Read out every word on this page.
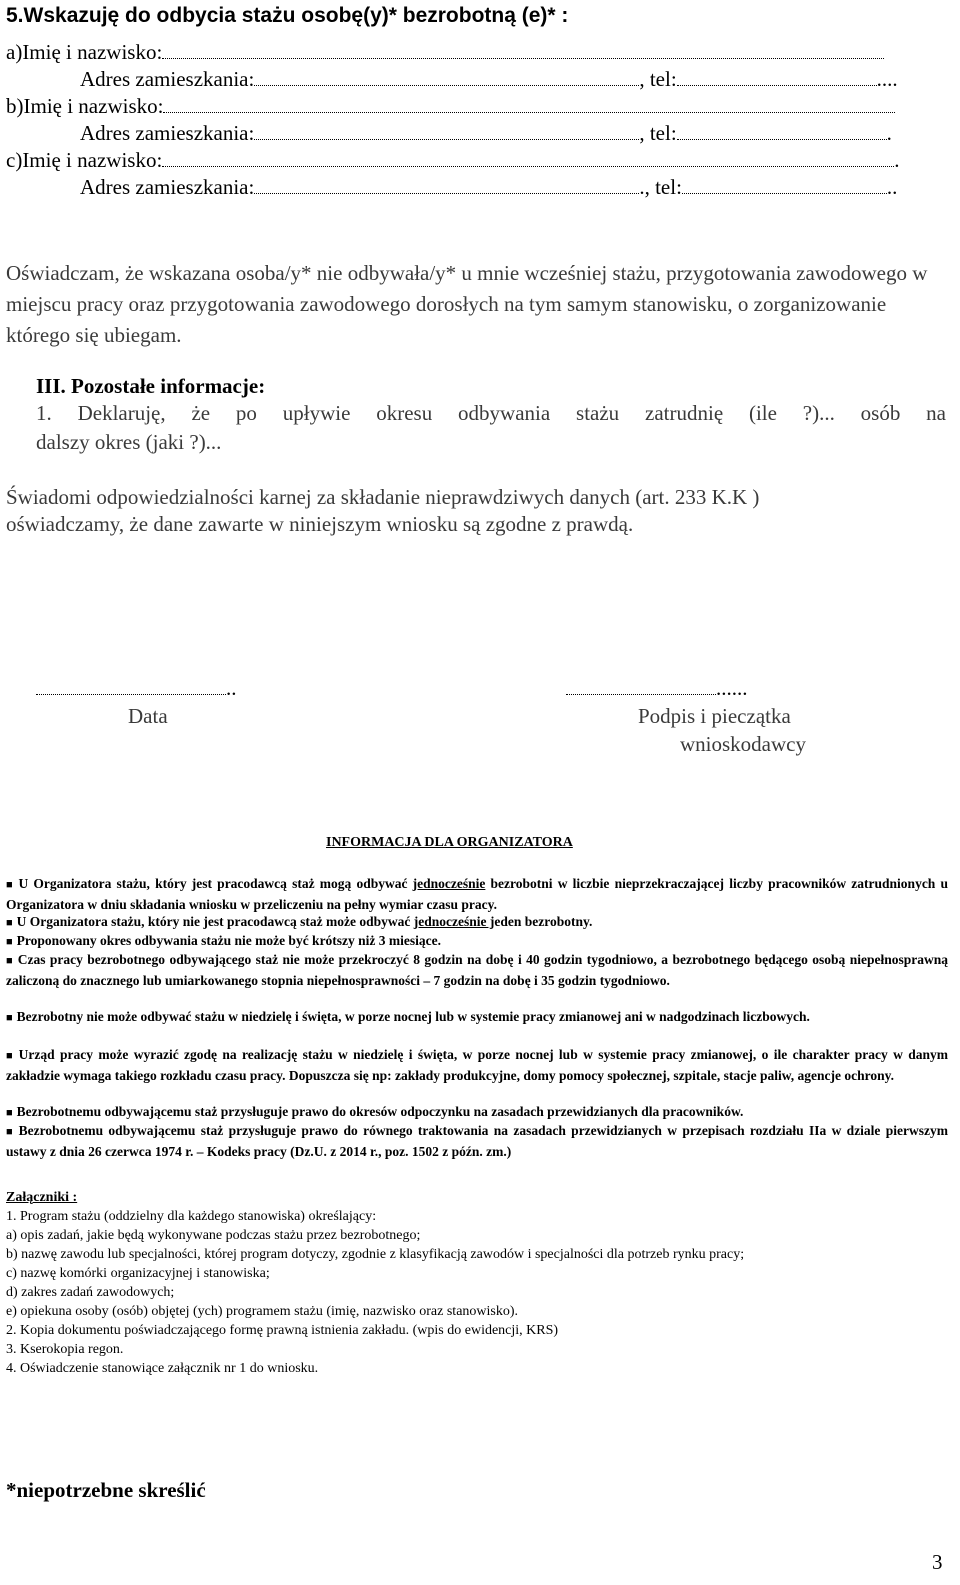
5.Wskazuję do odbycia stażu osobę(y)* bezrobotną (e)* :
a)Imię i nazwisko:
Adres zamieszkania:	, tel:	....
b)Imię i nazwisko:
Adres zamieszkania:	, tel:	.
c)Imię i nazwisko:	.
Adres zamieszkania:	., tel:	..
Oświadczam, że wskazana osoba/y* nie odbywała/y* u mnie wcześniej stażu, przygotowania zawodowego w miejscu pracy oraz przygotowania zawodowego dorosłych na tym samym stanowisku, o zorganizowanie którego się ubiegam.
III. Pozostałe informacje:
1. Deklaruję, że po upływie okresu odbywania stażu zatrudnię (ile ?)... osób na
dalszy okres (jaki ?)...
Świadomi odpowiedzialności karnej za składanie nieprawdziwych danych (art. 233 K.K )
oświadczamy, że dane zawarte w niniejszym wniosku są zgodne z prawdą.
..
Data
......
Podpis i pieczątka
wnioskodawcy
INFORMACJA DLA ORGANIZATORA
■ U Organizatora stażu, który jest pracodawcą staż mogą odbywać jednocześnie bezrobotni w liczbie nieprzekraczającej liczby pracowników zatrudnionych u Organizatora w dniu składania wniosku w przeliczeniu na pełny wymiar czasu pracy.
■ U Organizatora stażu, który nie jest pracodawcą staż może odbywać jednocześnie jeden bezrobotny.
■ Proponowany okres odbywania stażu nie może być krótszy niż 3 miesiące.
■ Czas pracy bezrobotnego odbywającego staż nie może przekroczyć 8 godzin na dobę i 40 godzin tygodniowo, a bezrobotnego będącego osobą niepełnosprawną zaliczoną do znacznego lub umiarkowanego stopnia niepełnosprawności – 7 godzin na dobę i 35 godzin tygodniowo.
■ Bezrobotny nie może odbywać stażu w niedzielę i święta, w porze nocnej lub w systemie pracy zmianowej ani w nadgodzinach liczbowych.
■ Urząd pracy może wyrazić zgodę na realizację stażu w niedzielę i święta, w porze nocnej lub w systemie pracy zmianowej, o ile charakter pracy w danym zakładzie wymaga takiego rozkładu czasu pracy. Dopuszcza się np: zakłady produkcyjne, domy pomocy społecznej, szpitale, stacje paliw, agencje ochrony.
■ Bezrobotnemu odbywającemu staż przysługuje prawo do okresów odpoczynku na zasadach przewidzianych dla pracowników.
■ Bezrobotnemu odbywającemu staż przysługuje prawo do równego traktowania na zasadach przewidzianych w przepisach rozdziału IIa w dziale pierwszym ustawy z dnia 26 czerwca 1974 r. – Kodeks pracy (Dz.U. z 2014 r., poz. 1502 z późn. zm.)
Załączniki :
1. Program stażu (oddzielny dla każdego stanowiska) określający:
a) opis zadań, jakie będą wykonywane podczas stażu przez bezrobotnego;
b) nazwę zawodu lub specjalności, której program dotyczy, zgodnie z klasyfikacją zawodów i specjalności dla potrzeb rynku pracy;
c) nazwę komórki organizacyjnej i stanowiska;
d) zakres zadań zawodowych;
e) opiekuna osoby (osób) objętej (ych) programem stażu (imię, nazwisko oraz stanowisko).
2. Kopia dokumentu poświadczającego formę prawną istnienia zakładu. (wpis do ewidencji, KRS)
3. Kserokopia regon.
4. Oświadczenie stanowiące załącznik nr 1 do wniosku.
*niepotrzebne skreślić
3
